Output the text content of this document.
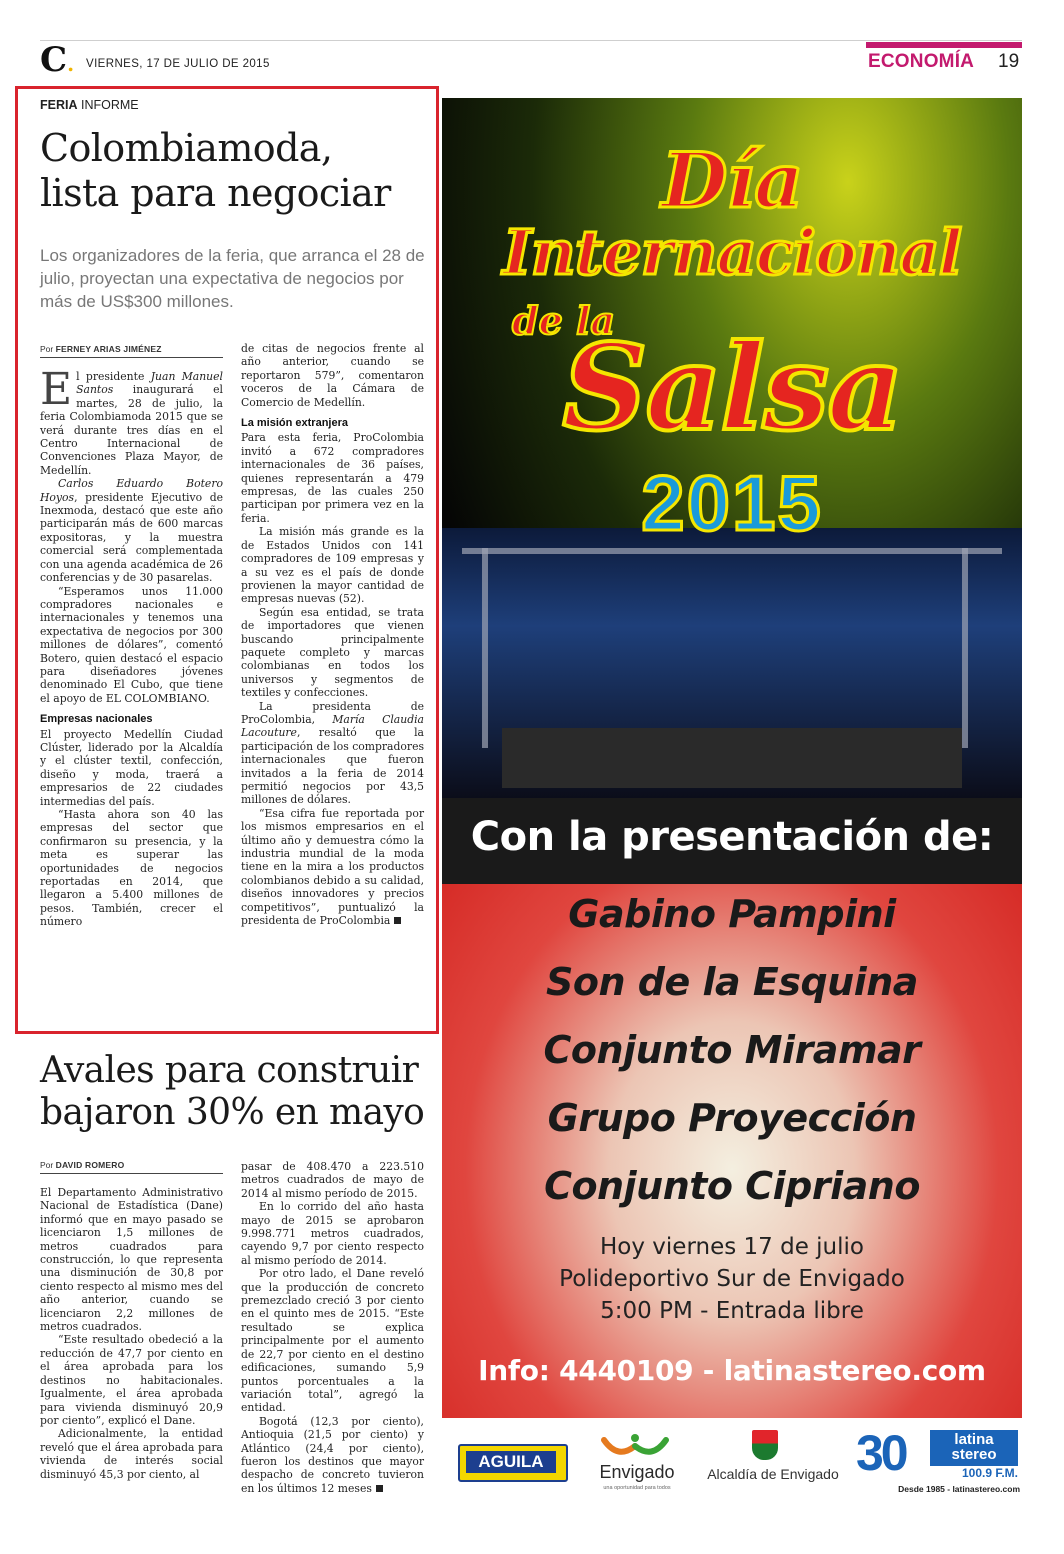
C. VIERNES, 17 DE JULIO DE 2015	ECONOMÍA 19
FERIA INFORME
Colombiamoda,
lista para negociar

Los organizadores de la feria, que arranca el 28 de julio, proyectan una expectativa de negocios por más de US$300 millones.

Por FERNEY ARIAS JIMÉNEZ

El presidente Juan Manuel Santos inaugurará el martes, 28 de julio, la feria Colombiamoda 2015 que se verá durante tres días en el Centro Internacional de Convenciones Plaza Mayor, de Medellín.

Carlos Eduardo Botero Hoyos, presidente Ejecutivo de Inexmoda, destacó que este año participarán más de 600 marcas expositoras, y la muestra comercial será complementada con una agenda académica de 26 conferencias y de 30 pasarelas.

“Esperamos unos 11.000 compradores nacionales e internacionales y tenemos una expectativa de negocios por 300 millones de dólares”, comentó Botero, quien destacó el espacio para diseñadores jóvenes denominado El Cubo, que tiene el apoyo de EL COLOMBIANO.

Empresas nacionales

El proyecto Medellín Ciudad Clúster, liderado por la Alcaldía y el clúster textil, confección, diseño y moda, traerá a empresarios de 22 ciudades intermedias del país.

“Hasta ahora son 40 las empresas del sector que confirmaron su presencia, y la meta es superar las oportunidades de negocios reportadas en 2014, que llegaron a 5.400 millones de pesos. También, crecer el número

de citas de negocios frente al año anterior, cuando se reportaron 579”, comentaron voceros de la Cámara de Comercio de Medellín.

La misión extranjera

Para esta feria, ProColombia invitó a 672 compradores internacionales de 36 países, quienes representarán a 479 empresas, de las cuales 250 participan por primera vez en la feria.

La misión más grande es la de Estados Unidos con 141 compradores de 109 empresas y a su vez es el país de donde provienen la mayor cantidad de empresas nuevas (52).

Según esa entidad, se trata de importadores que vienen buscando principalmente paquete completo y marcas colombianas en todos los universos y segmentos de textiles y confecciones.

La presidenta de ProColombia, María Claudia Lacouture, resaltó que la participación de los compradores internacionales que fueron invitados a la feria de 2014 permitió negocios por 43,5 millones de dólares.

“Esa cifra fue reportada por los mismos empresarios en el último año y demuestra cómo la industria mundial de la moda tiene en la mira a los productos colombianos debido a su calidad, diseños innovadores y precios competitivos”, puntualizó la presidenta de ProColombia

Avales para construir
bajaron 30% en mayo
Por DAVID ROMERO

El Departamento Administrativo Nacional de Estadística (Dane) informó que en mayo pasado se licenciaron 1,5 millones de metros cuadrados para construcción, lo que representa una disminución de 30,8 por ciento respecto al mismo mes del año anterior, cuando se licenciaron 2,2 millones de metros cuadrados.

“Este resultado obedeció a la reducción de 47,7 por ciento en el área aprobada para los destinos no habitacionales. Igualmente, el área aprobada para vivienda disminuyó 20,9 por ciento”, explicó el Dane.

Adicionalmente, la entidad reveló que el área aprobada para vivienda de interés social disminuyó 45,3 por ciento, al

pasar de 408.470 a 223.510 metros cuadrados de mayo de 2014 al mismo período de 2015.

En lo corrido del año hasta mayo de 2015 se aprobaron 9.998.771 metros cuadrados, cayendo 9,7 por ciento respecto al mismo período de 2014.

Por otro lado, el Dane reveló que la producción de concreto premezclado creció 3 por ciento en el quinto mes de 2015. “Este resultado se explica principalmente por el aumento de 22,7 por ciento en el destino edificaciones, sumando 5,9 puntos porcentuales a la variación total”, agregó la entidad.

Bogotá (12,3 por ciento), Antioquia (21,5 por ciento) y Atlántico (24,4 por ciento), fueron los destinos que mayor despacho de concreto tuvieron en los últimos 12 meses

Día
Internacional
de la
Salsa
2015
Con la presentación de:
Gabino Pampini
Son de la Esquina
Conjunto Miramar
Grupo Proyección
Conjunto Cipriano
Hoy viernes 17 de julio
Polideportivo Sur de Envigado
5:00 PM - Entrada libre
Info: 4440109 - latinastereo.com
AGUILA
Envigado
una oportunidad para todos
Alcaldía de Envigado 30	latina stereo
100.9 F.M.
Desde 1985 - latinastereo.com
